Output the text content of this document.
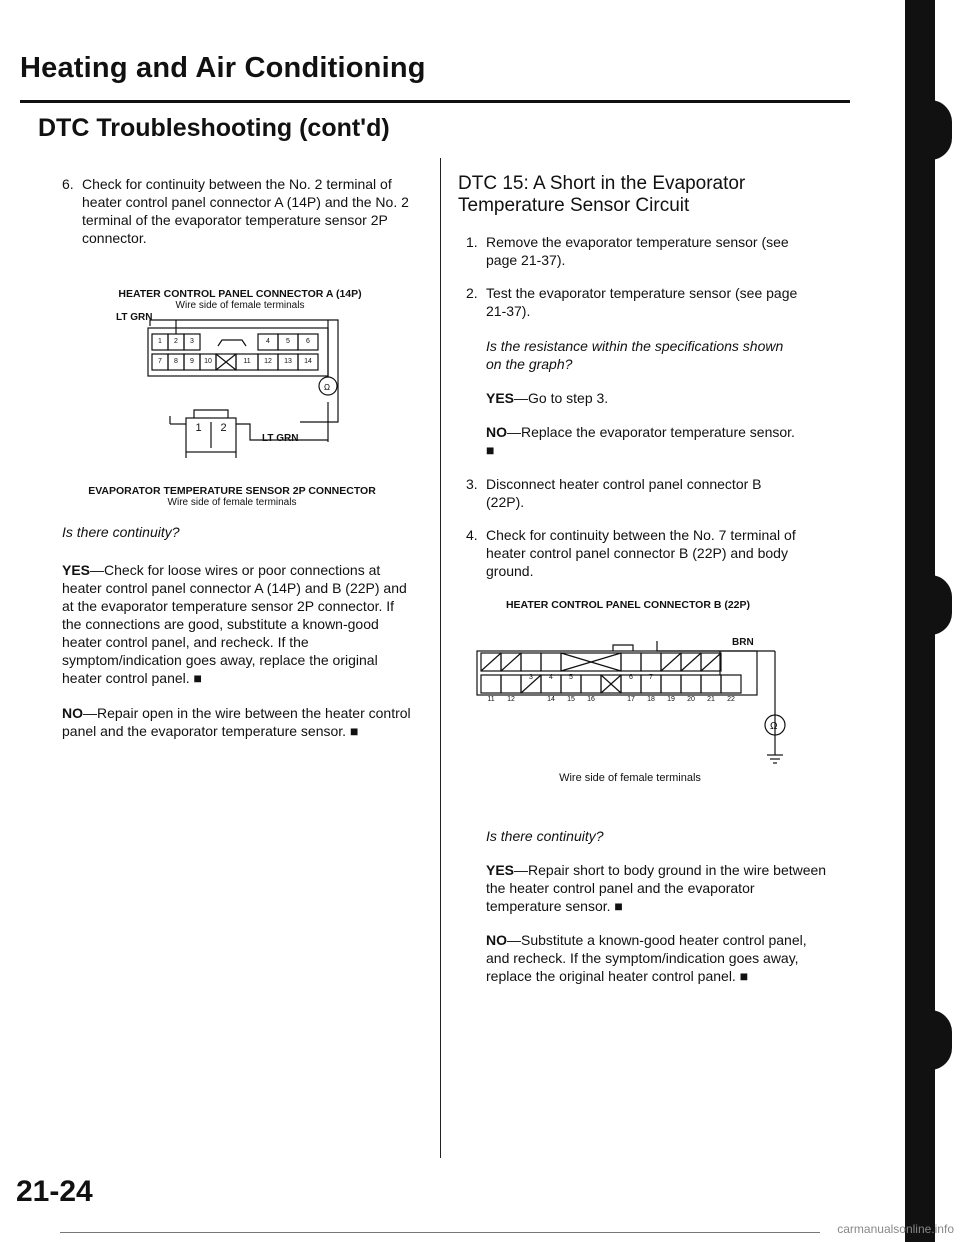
Heating and Air Conditioning
DTC Troubleshooting (cont'd)
6. Check for continuity between the No. 2 terminal of heater control panel connector A (14P) and the No. 2 terminal of the evaporator temperature sensor 2P connector.

HEATER CONTROL PANEL CONNECTOR A (14P)
Wire side of female terminals
Ω
LT GRN
LT GRN
1	2	3	4	5	6
7	8	9	10	11	12	13	14
1	2
EVAPORATOR TEMPERATURE SENSOR 2P CONNECTOR
Wire side of female terminals

Is there continuity?

YES—Check for loose wires or poor connections at heater control panel connector A (14P) and B (22P) and at the evaporator temperature sensor 2P connector. If the connections are good, substitute a known-good heater control panel, and recheck. If the symptom/indication goes away, replace the original heater control panel. ■

NO—Repair open in the wire between the heater control panel and the evaporator temperature sensor. ■

DTC 15: A Short in the Evaporator Temperature Sensor Circuit

1. Remove the evaporator temperature sensor (see page 21-37).

2. Test the evaporator temperature sensor (see page 21-37).

Is the resistance within the specifications shown on the graph?

YES—Go to step 3.

NO—Replace the evaporator temperature sensor. ■

3. Disconnect heater control panel connector B (22P).

4. Check for continuity between the No. 7 terminal of heater control panel connector B (22P) and body ground.

HEATER CONTROL PANEL CONNECTOR B (22P)
Ω
BRN
3	4	5	6	7
11	12	14	15	16	17	18	19	20	21	22
Wire side of female terminals

Is there continuity?

YES—Repair short to body ground in the wire between the heater control panel and the evaporator temperature sensor. ■

NO—Substitute a known-good heater control panel, and recheck. If the symptom/indication goes away, replace the original heater control panel. ■

21-24
carmanualsonline.info
